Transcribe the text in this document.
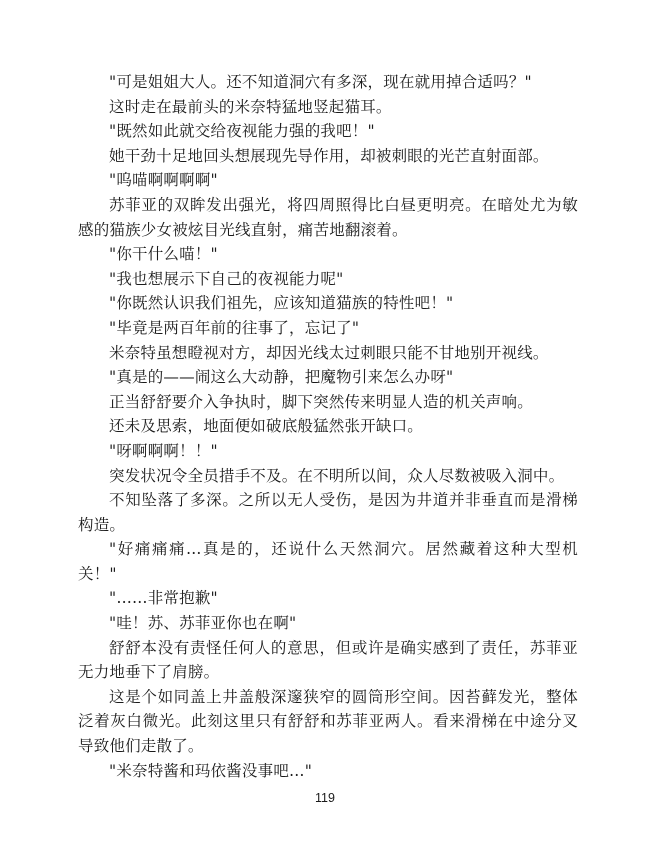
"可是姐姐大人。还不知道洞穴有多深，现在就用掉合适吗？"

这时走在最前头的米奈特猛地竖起猫耳。

"既然如此就交给夜视能力强的我吧！"

她干劲十足地回头想展现先导作用，却被刺眼的光芒直射面部。

"呜喵啊啊啊啊"

苏菲亚的双眸发出强光，将四周照得比白昼更明亮。在暗处尤为敏感的猫族少女被炫目光线直射，痛苦地翻滚着。

"你干什么喵！"

"我也想展示下自己的夜视能力呢"

"你既然认识我们祖先，应该知道猫族的特性吧！"

"毕竟是两百年前的往事了，忘记了"

米奈特虽想瞪视对方，却因光线太过刺眼只能不甘地别开视线。

"真是的——闹这么大动静，把魔物引来怎么办呀"

正当舒舒要介入争执时，脚下突然传来明显人造的机关声响。

还未及思索，地面便如破底般猛然张开缺口。

"呀啊啊啊！！"

突发状况令全员措手不及。在不明所以间，众人尽数被吸入洞中。

不知坠落了多深。之所以无人受伤，是因为井道并非垂直而是滑梯构造。

"好痛痛痛...真是的，还说什么天然洞穴。居然藏着这种大型机关！"

"……非常抱歉"

"哇！苏、苏菲亚你也在啊"

舒舒本没有责怪任何人的意思，但或许是确实感到了责任，苏菲亚无力地垂下了肩膀。

这是个如同盖上井盖般深邃狭窄的圆筒形空间。因苔藓发光，整体泛着灰白微光。此刻这里只有舒舒和苏菲亚两人。看来滑梯在中途分叉导致他们走散了。

"米奈特酱和玛依酱没事吧…"

119
